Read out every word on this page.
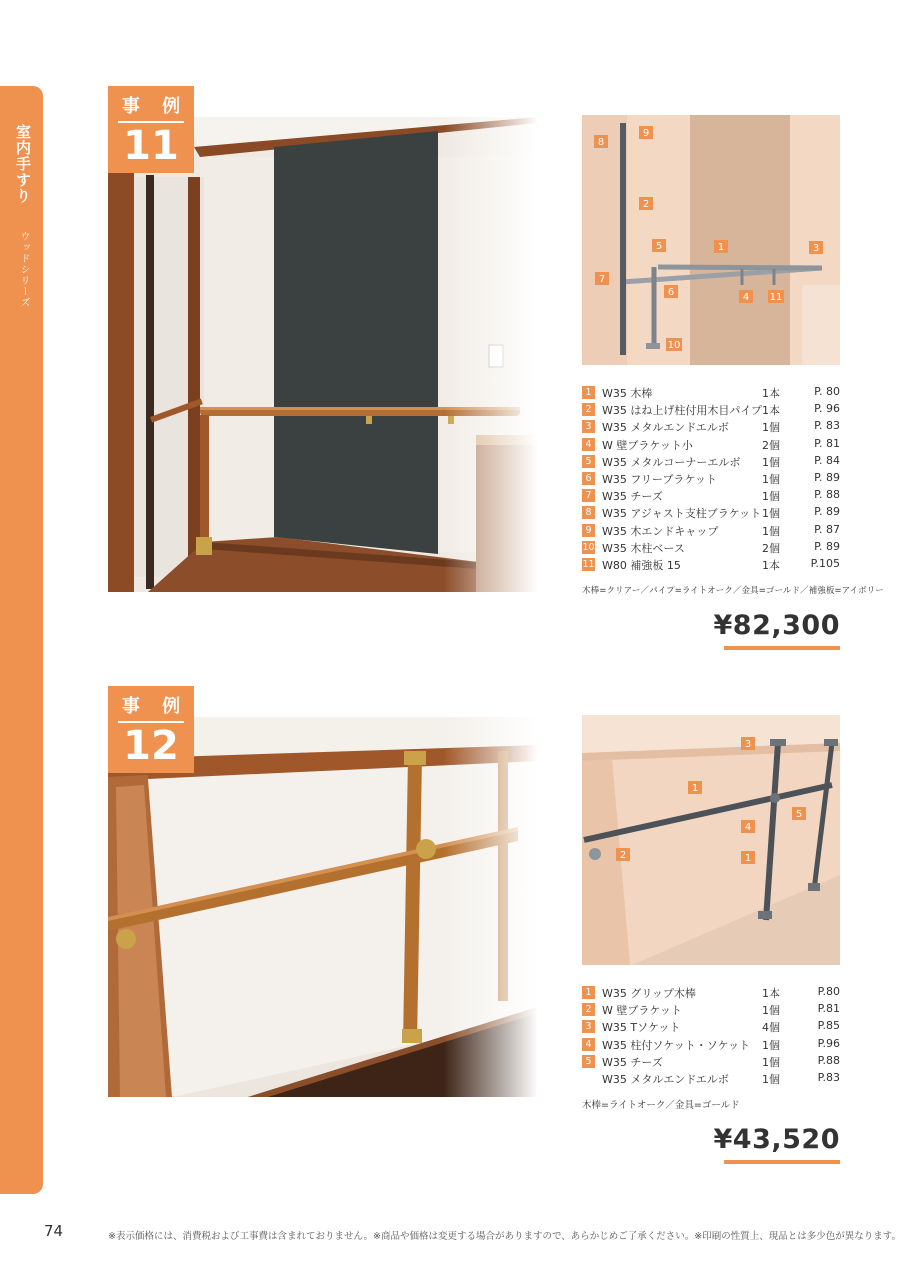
室内手すり
ウッドシリーズ
事 例
11	8
9
2
5	1	3
7
6	4 11
10
1 W35 木棒	1本	P. 80
2 W35 はね上げ柱付用木目パイプ 1本	P. 96
3 W35 メタルエンドエルボ	1個	P. 83
4 W 壁ブラケット小	2個	P. 81
5 W35 メタルコーナーエルボ 1個	P. 84
6 W35 フリーブラケット	1個	P. 89
7 W35 チーズ	1個	P. 88
8 W35 アジャスト支柱ブラケット 1個	P. 89
9 W35 木エンドキャップ	1個	P. 87
10 W35 木柱ベース	2個	P. 89
11 W80 補強板 15	1本	P.105
木棒=クリアー／パイプ=ライトオーク／金具=ゴールド／補強板=アイボリー
¥82,300
事 例
12	3
1
5
4
2	1
1 W35 グリップ木棒	1本	P.80
2 W 壁ブラケット	1個	P.81
3 W35 Tソケット	4個	P.85
4 W35 柱付ソケット・ソケット 1個	P.96
5 W35 チーズ	1個	P.88
W35 メタルエンドエルボ	1個	P.83
木棒=ライトオーク／金具=ゴールド
¥43,520
74	※表示価格には、消費税および工事費は含まれておりません。※商品や価格は変更する場合がありますので、あらかじめご了承ください。※印刷の性質上、現品とは多少色が異なります。
